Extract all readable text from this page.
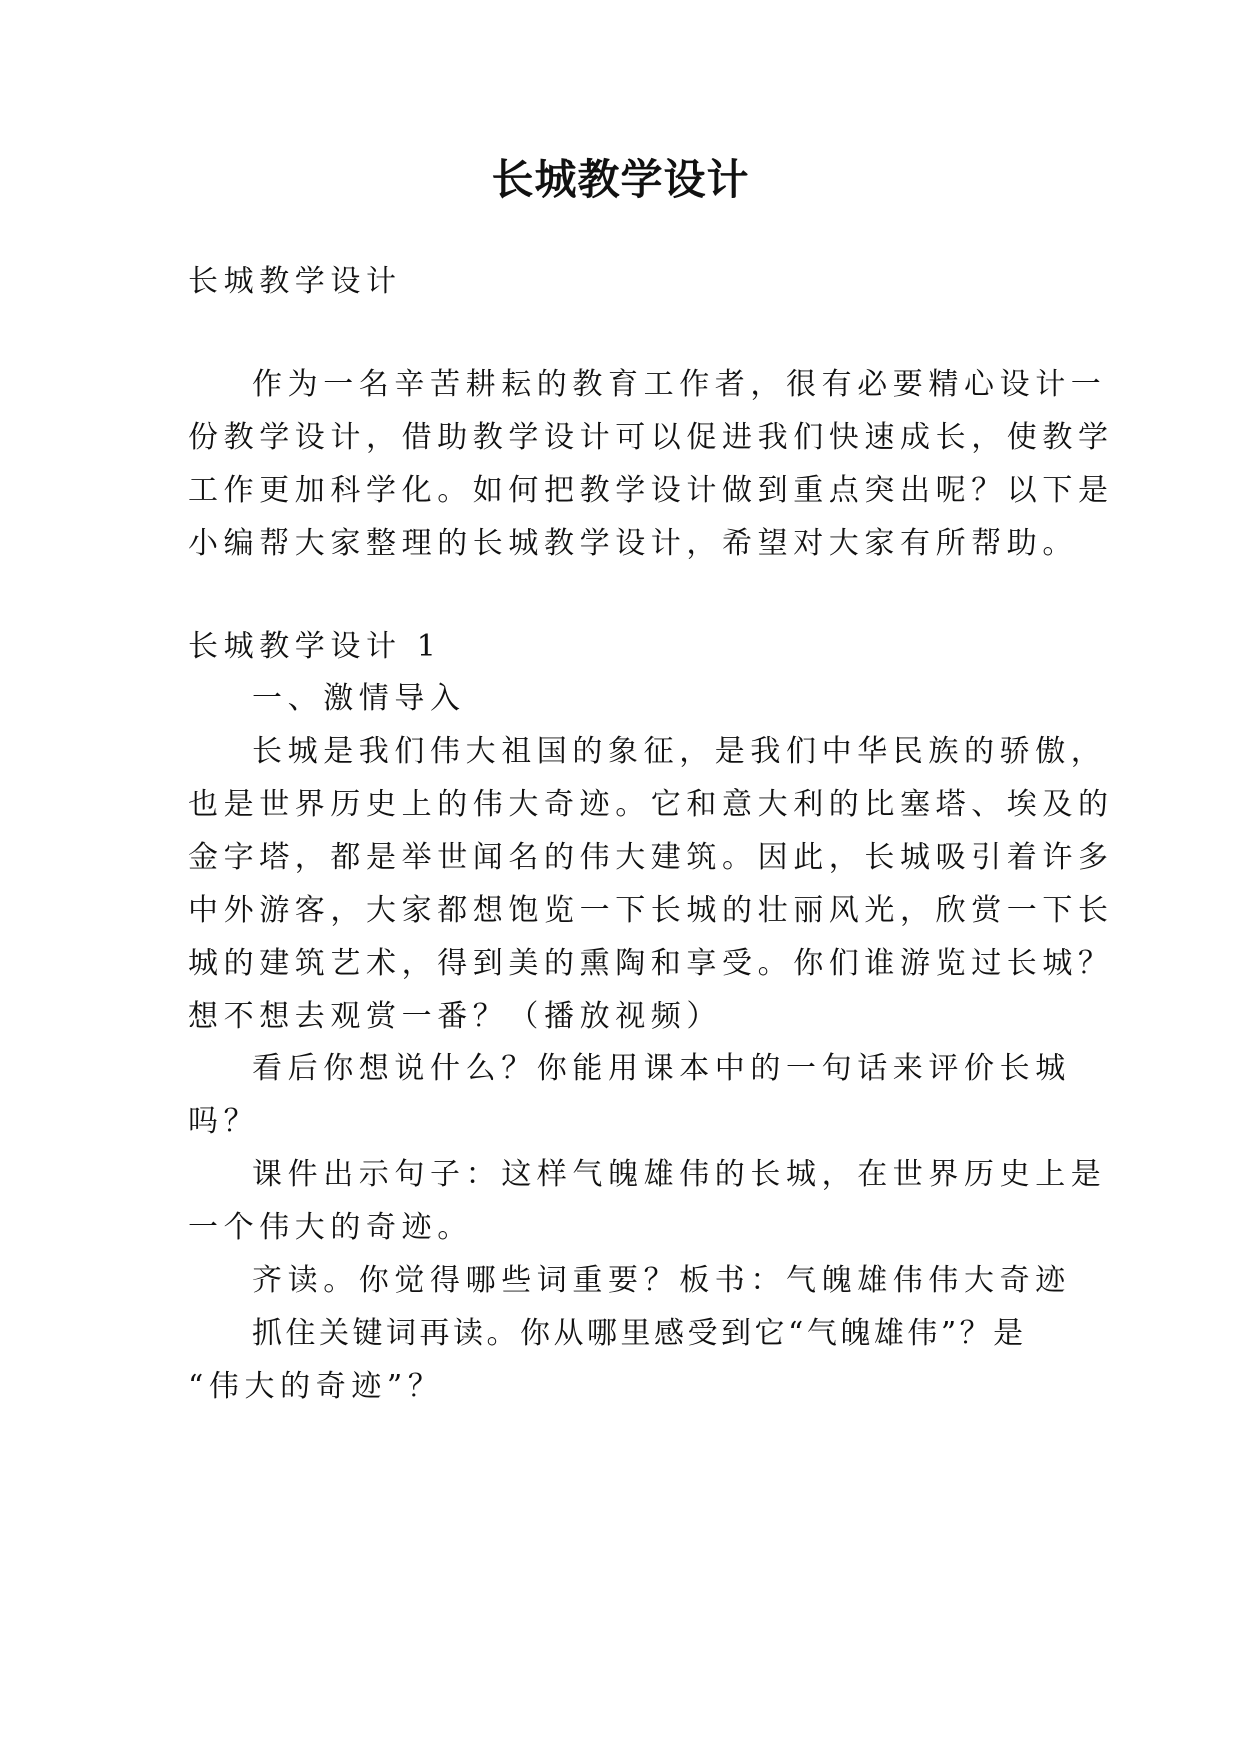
长城教学设计

长城教学设计

作为一名辛苦耕耘的教育工作者，很有必要精心设计一

份教学设计，借助教学设计可以促进我们快速成长，使教学

工作更加科学化。如何把教学设计做到重点突出呢？以下是

小编帮大家整理的长城教学设计，希望对大家有所帮助。

长城教学设计 1

一、激情导入

长城是我们伟大祖国的象征，是我们中华民族的骄傲，

也是世界历史上的伟大奇迹。它和意大利的比塞塔、埃及的

金字塔，都是举世闻名的伟大建筑。因此，长城吸引着许多

中外游客，大家都想饱览一下长城的壮丽风光，欣赏一下长

城的建筑艺术，得到美的熏陶和享受。你们谁游览过长城？

想不想去观赏一番？（播放视频）

看后你想说什么？你能用课本中的一句话来评价长城

吗？

课件出示句子：这样气魄雄伟的长城，在世界历史上是

一个伟大的奇迹。

齐读。你觉得哪些词重要？板书：气魄雄伟伟大奇迹

抓住关键词再读。你从哪里感受到它“气魄雄伟”？是

“伟大的奇迹”？
